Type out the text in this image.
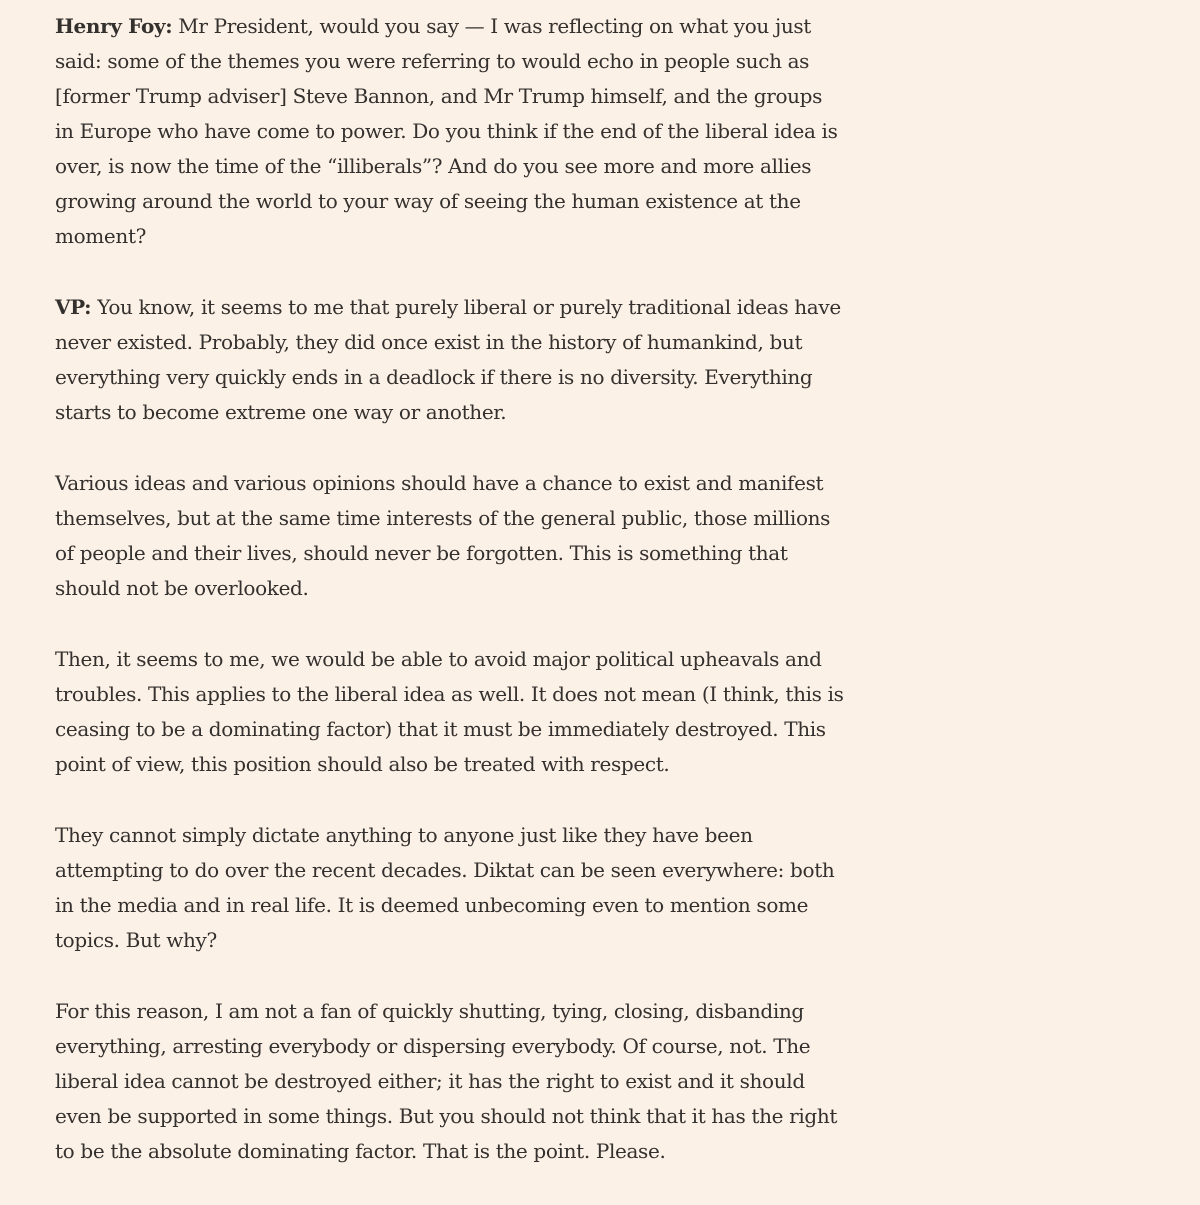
Henry Foy: Mr President, would you say — I was reflecting on what you just said: some of the themes you were referring to would echo in people such as [former Trump adviser] Steve Bannon, and Mr Trump himself, and the groups in Europe who have come to power. Do you think if the end of the liberal idea is over, is now the time of the “illiberals”? And do you see more and more allies growing around the world to your way of seeing the human existence at the moment?

VP: You know, it seems to me that purely liberal or purely traditional ideas have never existed. Probably, they did once exist in the history of humankind, but everything very quickly ends in a deadlock if there is no diversity. Everything starts to become extreme one way or another.

Various ideas and various opinions should have a chance to exist and manifest themselves, but at the same time interests of the general public, those millions of people and their lives, should never be forgotten. This is something that should not be overlooked.

Then, it seems to me, we would be able to avoid major political upheavals and troubles. This applies to the liberal idea as well. It does not mean (I think, this is ceasing to be a dominating factor) that it must be immediately destroyed. This point of view, this position should also be treated with respect.

They cannot simply dictate anything to anyone just like they have been attempting to do over the recent decades. Diktat can be seen everywhere: both in the media and in real life. It is deemed unbecoming even to mention some topics. But why?

For this reason, I am not a fan of quickly shutting, tying, closing, disbanding everything, arresting everybody or dispersing everybody. Of course, not. The liberal idea cannot be destroyed either; it has the right to exist and it should even be supported in some things. But you should not think that it has the right to be the absolute dominating factor. That is the point. Please.
